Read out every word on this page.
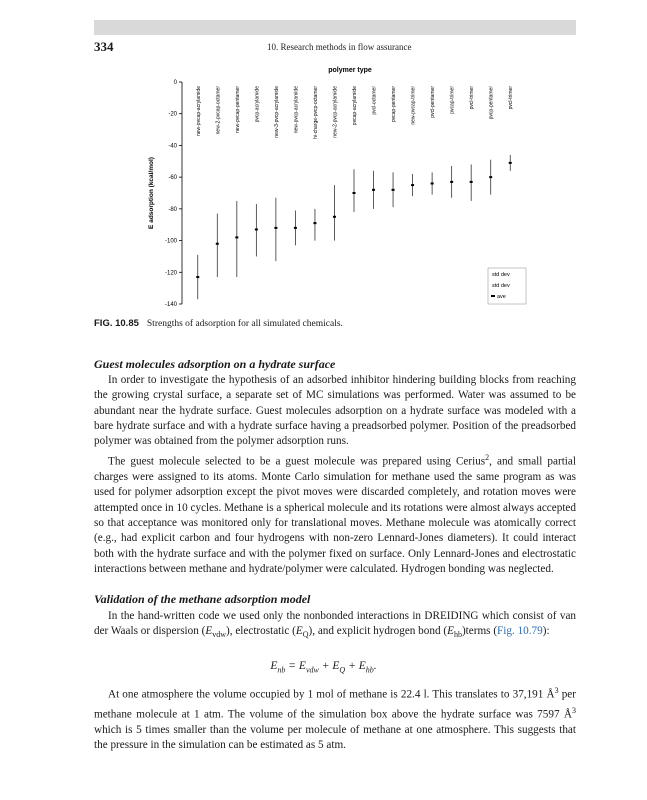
334	10. Research methods in flow assurance
polymer type
E adsorption (kcal/mol)
0
-20
-40
-60
-80
-100
-120
-140
new-pvcap-acrylamide	new-2-pvcap-octamer	new-pvcap-pentamer	pvcp-acrylamide	new-3-pvcp-acrylamide	new-pvcp-acrylamide	hi-charge-pvcp-octamer	new-2-pvcp-acrylamide	pvcap-acrylamide	pvcl-octamer	pvcap-pentamer	new-pvcap-trimer	pvcl-pentamer	pvcap-trimer	pvcl-trimer	pvcp-pentamer	pvcl-trimer
std dev
std dev
ave
FIG. 10.85 Strengths of adsorption for all simulated chemicals.
Guest molecules adsorption on a hydrate surface

In order to investigate the hypothesis of an adsorbed inhibitor hindering building blocks from reaching the growing crystal surface, a separate set of MC simulations was performed. Water was assumed to be abundant near the hydrate surface. Guest molecules adsorption on a hydrate surface was modeled with a bare hydrate surface and with a hydrate surface having a preadsorbed polymer. Position of the preadsorbed polymer was obtained from the polymer adsorption runs.

The guest molecule selected to be a guest molecule was prepared using Cerius$^2$, and small partial charges were assigned to its atoms. Monte Carlo simulation for methane used the same program as was used for polymer adsorption except the pivot moves were discarded completely, and rotation moves were attempted once in 10 cycles. Methane is a spherical molecule and its rotations were almost always accepted so that acceptance was monitored only for translational moves. Methane molecule was atomically correct (e.g., had explicit carbon and four hydrogens with non-zero Lennard-Jones diameters). It could interact both with the hydrate surface and with the polymer fixed on surface. Only Lennard-Jones and electrostatic interactions between methane and hydrate/polymer were calculated. Hydrogen bonding was neglected.

Validation of the methane adsorption model

In the hand-written code we used only the nonbonded interactions in DREIDING which consist of van der Waals or dispersion $(E_{vdw})$, electrostatic $(E_Q)$, and explicit hydrogen bond $(E_{hb})terms$ (Fig. 10.79):

$E_{nb} = E_{vdw} + E_Q + E_{hb}$.

At one atmosphere the volume occupied by 1 mol of methane is 22.4 l. This translates to 37,191 $Å^3$ per methane molecule at 1 atm. The volume of the simulation box above the hydrate surface was 7597 $Å^3$ which is 5 times smaller than the volume per molecule of methane at one atmosphere. This suggests that the pressure in the simulation can be estimated as 5 atm.
